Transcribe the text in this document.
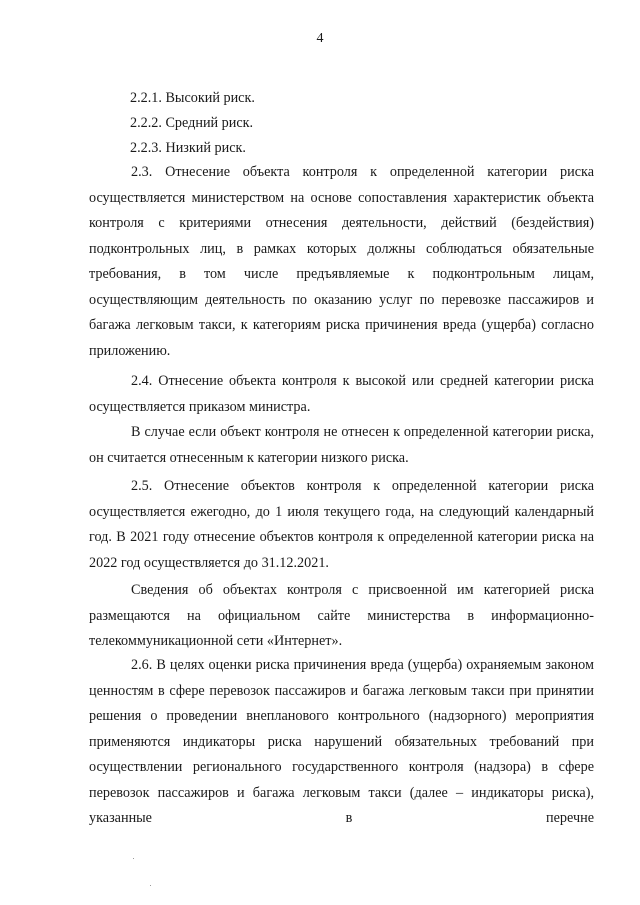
4
2.2.1. Высокий риск.
2.2.2. Средний риск.
2.2.3. Низкий риск.

2.3. Отнесение объекта контроля к определенной категории риска осуществляется министерством на основе сопоставления характеристик объекта контроля с критериями отнесения деятельности, действий (бездействия) подконтрольных лиц, в рамках которых должны соблюдаться обязательные требования, в том числе предъявляемые к подконтрольным лицам, осуществляющим деятельность по оказанию услуг по перевозке пассажиров и багажа легковым такси, к категориям риска причинения вреда (ущерба) согласно приложению.

2.4. Отнесение объекта контроля к высокой или средней категории риска осуществляется приказом министра.

В случае если объект контроля не отнесен к определенной категории риска, он считается отнесенным к категории низкого риска.

2.5. Отнесение объектов контроля к определенной категории риска осуществляется ежегодно, до 1 июля текущего года, на следующий календарный год. В 2021 году отнесение объектов контроля к определенной категории риска на 2022 год осуществляется до 31.12.2021.

Сведения об объектах контроля с присвоенной им категорией риска размещаются на официальном сайте министерства в информационно-телекоммуникационной сети «Интернет».

2.6. В целях оценки риска причинения вреда (ущерба) охраняемым законом ценностям в сфере перевозок пассажиров и багажа легковым такси при принятии решения о проведении внепланового контрольного (надзорного) мероприятия применяются индикаторы риска нарушений обязательных требований при осуществлении регионального государственного контроля (надзора) в сфере перевозок пассажиров и багажа легковым такси (далее – индикаторы риска), указанные в перечне
